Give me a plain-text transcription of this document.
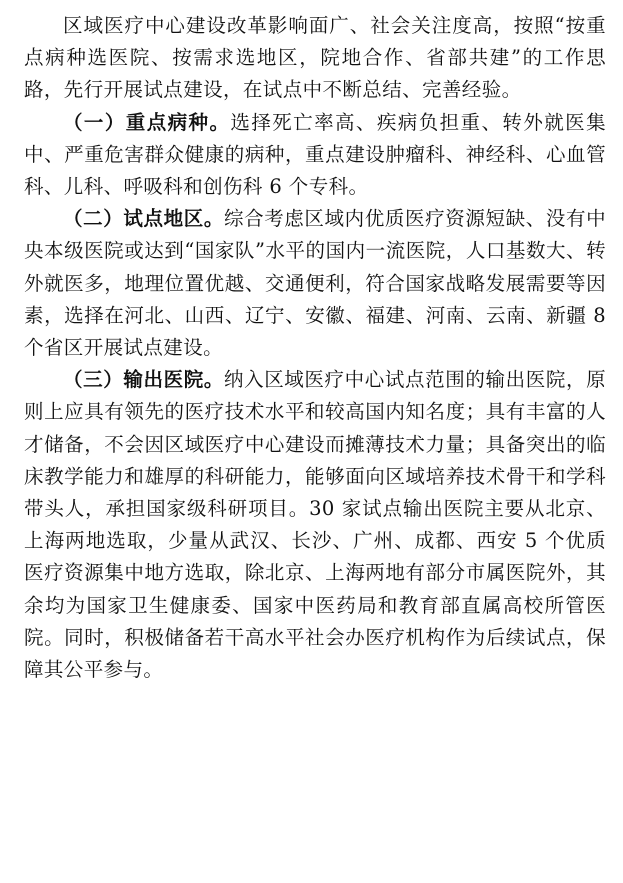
区域医疗中心建设改革影响面广、社会关注度高，按照“按重点病种选医院、按需求选地区，院地合作、省部共建”的工作思路，先行开展试点建设，在试点中不断总结、完善经验。

（一）重点病种。选择死亡率高、疾病负担重、转外就医集中、严重危害群众健康的病种，重点建设肿瘤科、神经科、心血管科、儿科、呼吸科和创伤科 6 个专科。

（二）试点地区。综合考虑区域内优质医疗资源短缺、没有中央本级医院或达到“国家队”水平的国内一流医院，人口基数大、转外就医多，地理位置优越、交通便利，符合国家战略发展需要等因素，选择在河北、山西、辽宁、安徽、福建、河南、云南、新疆 8 个省区开展试点建设。

（三）输出医院。纳入区域医疗中心试点范围的输出医院，原则上应具有领先的医疗技术水平和较高国内知名度；具有丰富的人才储备，不会因区域医疗中心建设而摊薄技术力量；具备突出的临床教学能力和雄厚的科研能力，能够面向区域培养技术骨干和学科带头人，承担国家级科研项目。30 家试点输出医院主要从北京、上海两地选取，少量从武汉、长沙、广州、成都、西安 5 个优质医疗资源集中地方选取，除北京、上海两地有部分市属医院外，其余均为国家卫生健康委、国家中医药局和教育部直属高校所管医院。同时，积极储备若干高水平社会办医疗机构作为后续试点，保障其公平参与。
